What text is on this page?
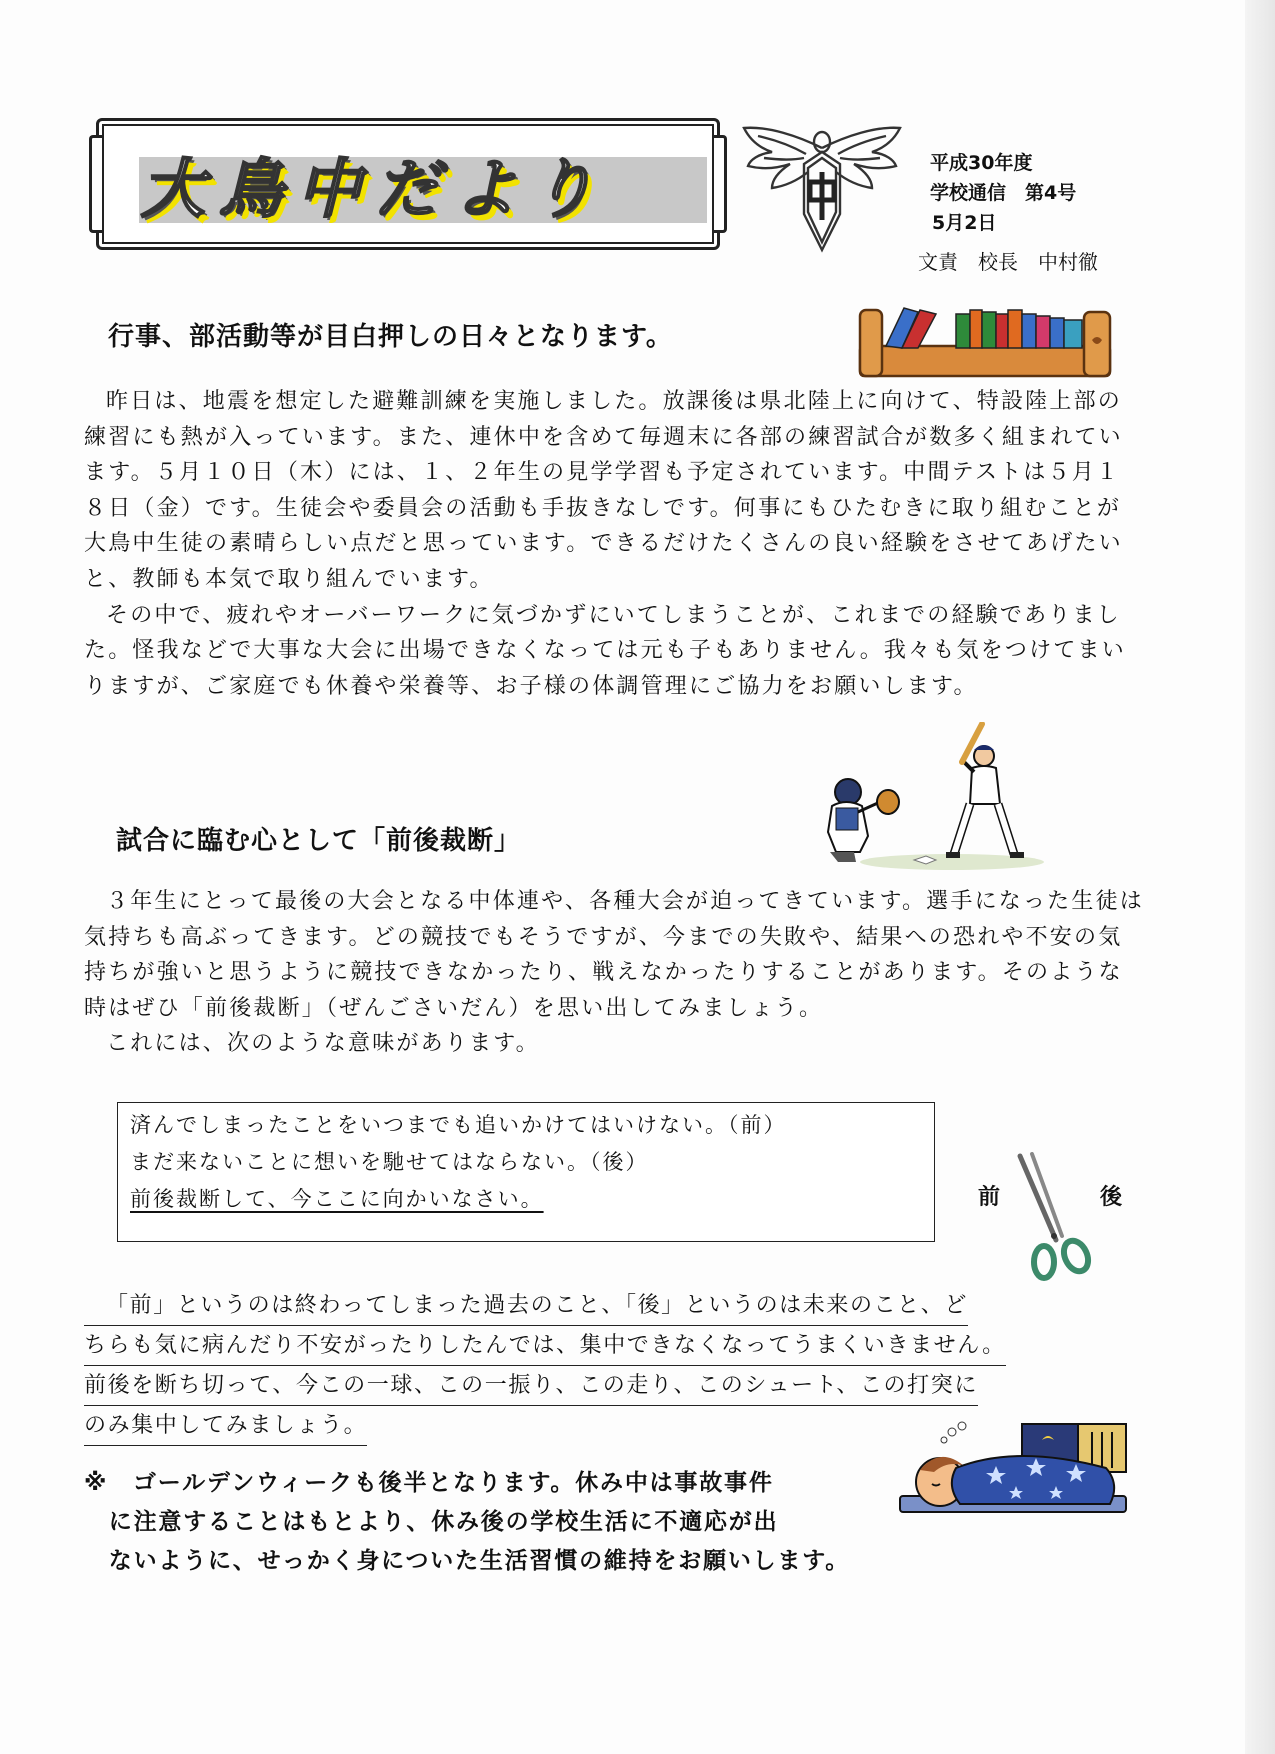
大鳥中だより	平成30年度
学校通信　第4号
5月2日
文責　校長　中村徹
行事、部活動等が目白押しの日々となります。

昨日は、地震を想定した避難訓練を実施しました。放課後は県北陸上に向けて、特設陸上部の練習にも熱が入っています。また、連休中を含めて毎週末に各部の練習試合が数多く組まれています。５月１０日（木）には、１、２年生の見学学習も予定されています。中間テストは５月１８日（金）です。生徒会や委員会の活動も手抜きなしです。何事にもひたむきに取り組むことが大鳥中生徒の素晴らしい点だと思っています。できるだけたくさんの良い経験をさせてあげたいと、教師も本気で取り組んでいます。

その中で、疲れやオーバーワークに気づかずにいてしまうことが、これまでの経験でありました。怪我などで大事な大会に出場できなくなっては元も子もありません。我々も気をつけてまいりますが、ご家庭でも休養や栄養等、お子様の体調管理にご協力をお願いします。

試合に臨む心として「前後裁断」

３年生にとって最後の大会となる中体連や、各種大会が迫ってきています。選手になった生徒は気持ちも高ぶってきます。どの競技でもそうですが、今までの失敗や、結果への恐れや不安の気持ちが強いと思うように競技できなかったり、戦えなかったりすることがあります。そのような時はぜひ「前後裁断」（ぜんごさいだん）を思い出してみましょう。

これには、次のような意味があります。

済んでしまったことをいつまでも追いかけてはいけない。（前）
まだ来ないことに想いを馳せてはならない。（後）
前後裁断して、今ここに向かいなさい。	前	後
「前」というのは終わってしまった過去のこと、「後」というのは未来のこと、ど
ちらも気に病んだり不安がったりしたんでは、集中できなくなってうまくいきません。
前後を断ち切って、今この一球、この一振り、この走り、このシュート、この打突に
のみ集中してみましょう。
※　ゴールデンウィークも後半となります。休み中は事故事件
　に注意することはもとより、休み後の学校生活に不適応が出
　ないように、せっかく身についた生活習慣の維持をお願いします。
